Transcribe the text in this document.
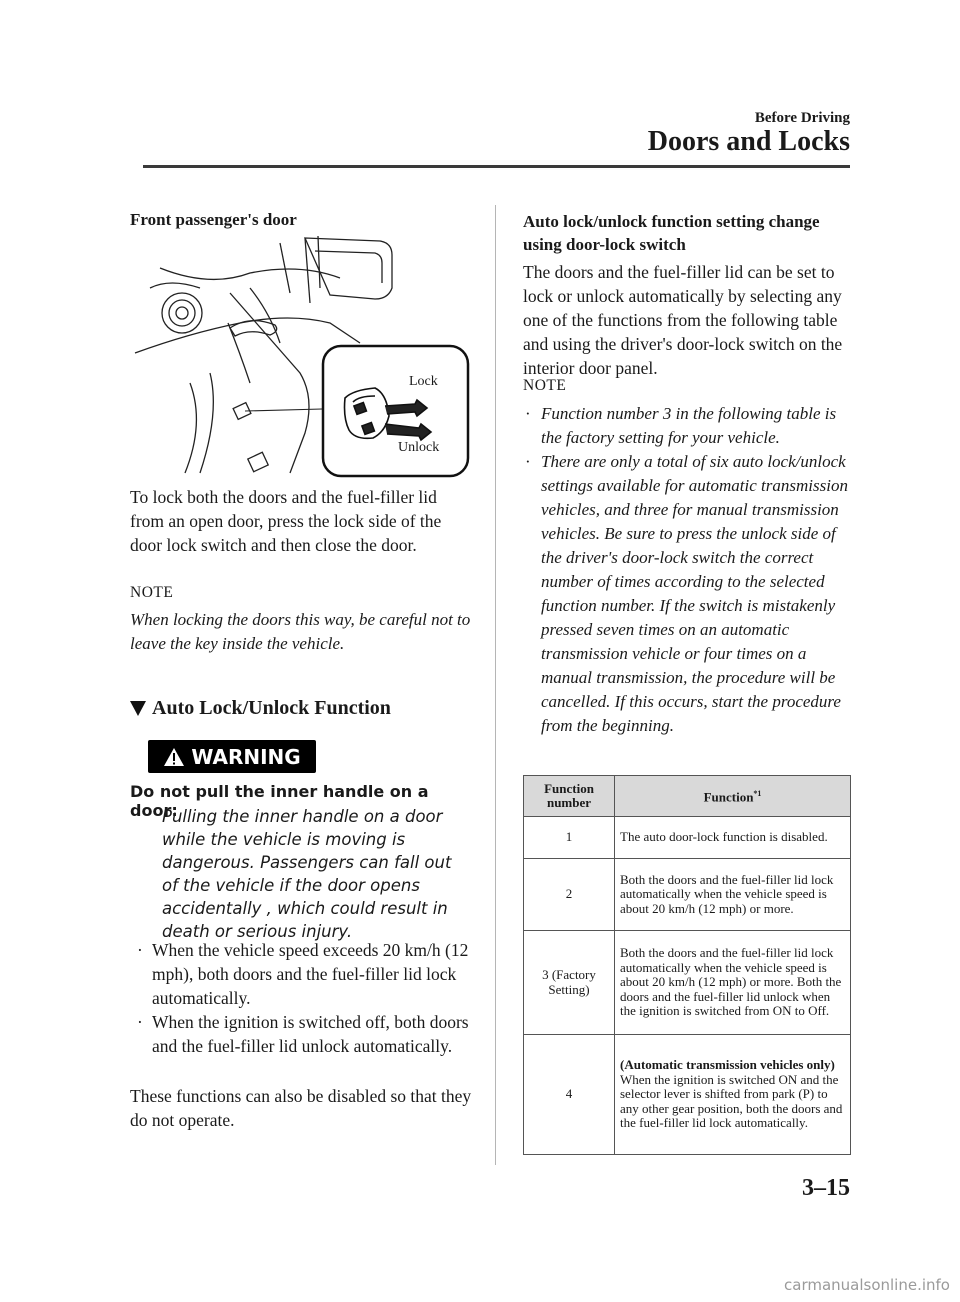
Before Driving
Doors and Locks
Front passenger's door
Lock
Unlock
To lock both the doors and the fuel-filler lid from an open door, press the lock side of the door lock switch and then close the door.
NOTE
When locking the doors this way, be careful not to leave the key inside the vehicle.
Auto Lock/Unlock Function
WARNING
Do not pull the inner handle on a door:
Pulling the inner handle on a door while the vehicle is moving is dangerous. Passengers can fall out of the vehicle if the door opens accidentally , which could result in death or serious injury.
· When the vehicle speed exceeds 20 km/h (12 mph), both doors and the fuel-filler lid lock automatically.
· When the ignition is switched off, both doors and the fuel-filler lid unlock automatically.
These functions can also be disabled so that they do not operate.
Auto lock/unlock function setting change using door-lock switch
The doors and the fuel-filler lid can be set to lock or unlock automatically by selecting any one of the functions from the following table and using the driver's door-lock switch on the interior door panel.
NOTE
· Function number 3 in the following table is the factory setting for your vehicle.
· There are only a total of six auto lock/unlock settings available for automatic transmission vehicles, and three for manual transmission vehicles. Be sure to press the unlock side of the driver's door-lock switch the correct number of times according to the selected function number. If the switch is mistakenly pressed seven times on an automatic transmission vehicle or four times on a manual transmission, the procedure will be cancelled. If this occurs, start the procedure from the beginning.
Function number	Function$^{*1}$
1	The auto door-lock function is disabled.
2	Both the doors and the fuel-filler lid lock automatically when the vehicle speed is about 20 km/h (12 mph) or more.
3 (Factory Setting)	Both the doors and the fuel-filler lid lock automatically when the vehicle speed is about 20 km/h (12 mph) or more. Both the doors and the fuel-filler lid unlock when the ignition is switched from ON to Off.
4	(Automatic transmission vehicles only)
When the ignition is switched ON and the selector lever is shifted from park (P) to any other gear position, both the doors and the fuel-filler lid lock automatically.
3–15
carmanualsonline.info
